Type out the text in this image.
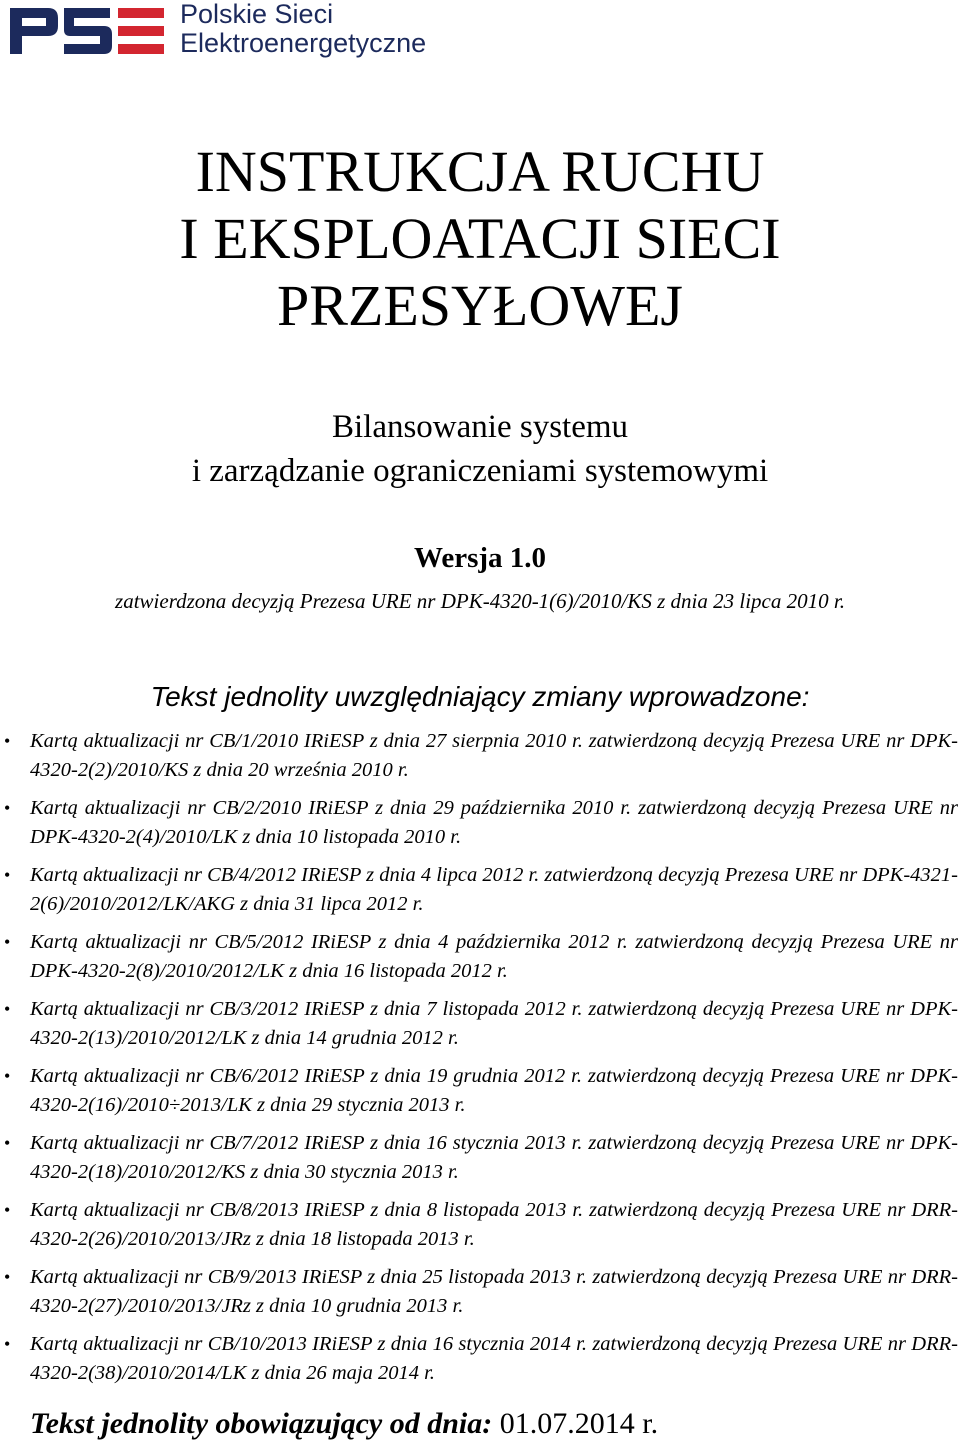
Polskie Sieci
Elektroenergetyczne
INSTRUKCJA RUCHU
I EKSPLOATACJI SIECI
PRZESYŁOWEJ
Bilansowanie systemu
i zarządzanie ograniczeniami systemowymi
Wersja 1.0
zatwierdzona decyzją Prezesa URE nr DPK-4320-1(6)/2010/KS z dnia 23 lipca 2010 r.
Tekst jednolity uwzględniający zmiany wprowadzone:
• Kartą aktualizacji nr CB/1/2010 IRiESP z dnia 27 sierpnia 2010 r. zatwierdzoną decyzją Prezesa URE nr DPK-4320-2(2)/2010/KS z dnia 20 września 2010 r.
• Kartą aktualizacji nr CB/2/2010 IRiESP z dnia 29 października 2010 r. zatwierdzoną decyzją Prezesa URE nr DPK-4320-2(4)/2010/LK z dnia 10 listopada 2010 r.
• Kartą aktualizacji nr CB/4/2012 IRiESP z dnia 4 lipca 2012 r. zatwierdzoną decyzją Prezesa URE nr DPK-4321-2(6)/2010/2012/LK/AKG z dnia 31 lipca 2012 r.
• Kartą aktualizacji nr CB/5/2012 IRiESP z dnia 4 października 2012 r. zatwierdzoną decyzją Prezesa URE nr DPK-4320-2(8)/2010/2012/LK z dnia 16 listopada 2012 r.
• Kartą aktualizacji nr CB/3/2012 IRiESP z dnia 7 listopada 2012 r. zatwierdzoną decyzją Prezesa URE nr DPK-4320-2(13)/2010/2012/LK z dnia 14 grudnia 2012 r.
• Kartą aktualizacji nr CB/6/2012 IRiESP z dnia 19 grudnia 2012 r. zatwierdzoną decyzją Prezesa URE nr DPK-4320-2(16)/2010÷2013/LK z dnia 29 stycznia 2013 r.
• Kartą aktualizacji nr CB/7/2012 IRiESP z dnia 16 stycznia 2013 r. zatwierdzoną decyzją Prezesa URE nr DPK-4320-2(18)/2010/2012/KS z dnia 30 stycznia 2013 r.
• Kartą aktualizacji nr CB/8/2013 IRiESP z dnia 8 listopada 2013 r. zatwierdzoną decyzją Prezesa URE nr DRR-4320-2(26)/2010/2013/JRz z dnia 18 listopada 2013 r.
• Kartą aktualizacji nr CB/9/2013 IRiESP z dnia 25 listopada 2013 r. zatwierdzoną decyzją Prezesa URE nr DRR-4320-2(27)/2010/2013/JRz z dnia 10 grudnia 2013 r.
• Kartą aktualizacji nr CB/10/2013 IRiESP z dnia 16 stycznia 2014 r. zatwierdzoną decyzją Prezesa URE nr DRR-4320-2(38)/2010/2014/LK z dnia 26 maja 2014 r.
Tekst jednolity obowiązujący od dnia: 01.07.2014 r.
